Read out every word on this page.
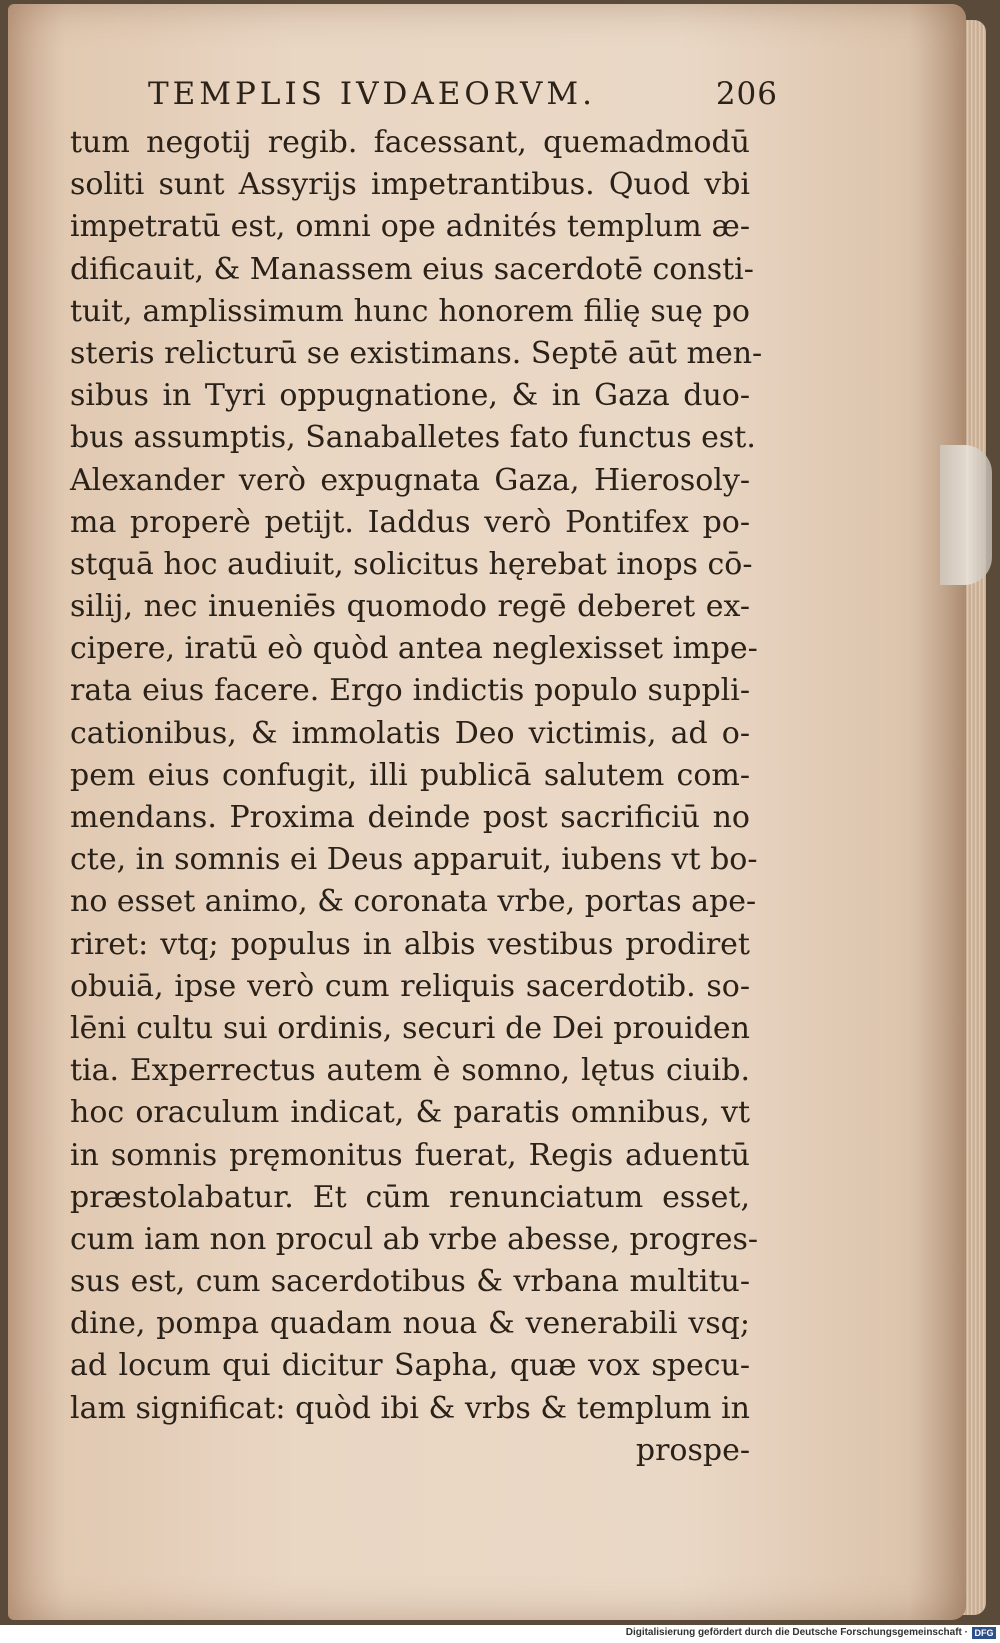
TEMPLIS IVDAEORVM.	206
tum negotij regib. facessant, quemadmodū
soliti sunt Assyrijs impetrantibus. Quod vbi
impetratū est, omni ope adnités templum æ-
dificauit, & Manassem eius sacerdotē consti-
tuit, amplissimum hunc honorem filię suę po
steris relicturū se existimans. Septē aūt men-
sibus in Tyri oppugnatione, & in Gaza duo-
bus assumptis, Sanaballetes fato functus est.
Alexander verò expugnata Gaza, Hierosoly-
ma properè petijt. Iaddus verò Pontifex po-
stquā hoc audiuit, solicitus hęrebat inops cō-
silij, nec inueniēs quomodo regē deberet ex-
cipere, iratū eò quòd antea neglexisset impe-
rata eius facere. Ergo indictis populo suppli-
cationibus, & immolatis Deo victimis, ad o-
pem eius confugit, illi publicā salutem com-
mendans. Proxima deinde post sacrificiū no
cte, in somnis ei Deus apparuit, iubens vt bo-
no esset animo, & coronata vrbe, portas ape-
riret: vtq; populus in albis vestibus prodiret
obuiā, ipse verò cum reliquis sacerdotib. so-
lēni cultu sui ordinis, securi de Dei prouiden
tia. Experrectus autem è somno, lętus ciuib.
hoc oraculum indicat, & paratis omnibus, vt
in somnis pręmonitus fuerat, Regis aduentū
præstolabatur. Et cūm renunciatum esset,
cum iam non procul ab vrbe abesse, progres-
sus est, cum sacerdotibus & vrbana multitu-
dine, pompa quadam noua & venerabili vsq;
ad locum qui dicitur Sapha, quæ vox specu-
lam significat: quòd ibi & vrbs & templum in
prospe-
Digitalisierung gefördert durch die Deutsche Forschungsgemeinschaft · DFG
